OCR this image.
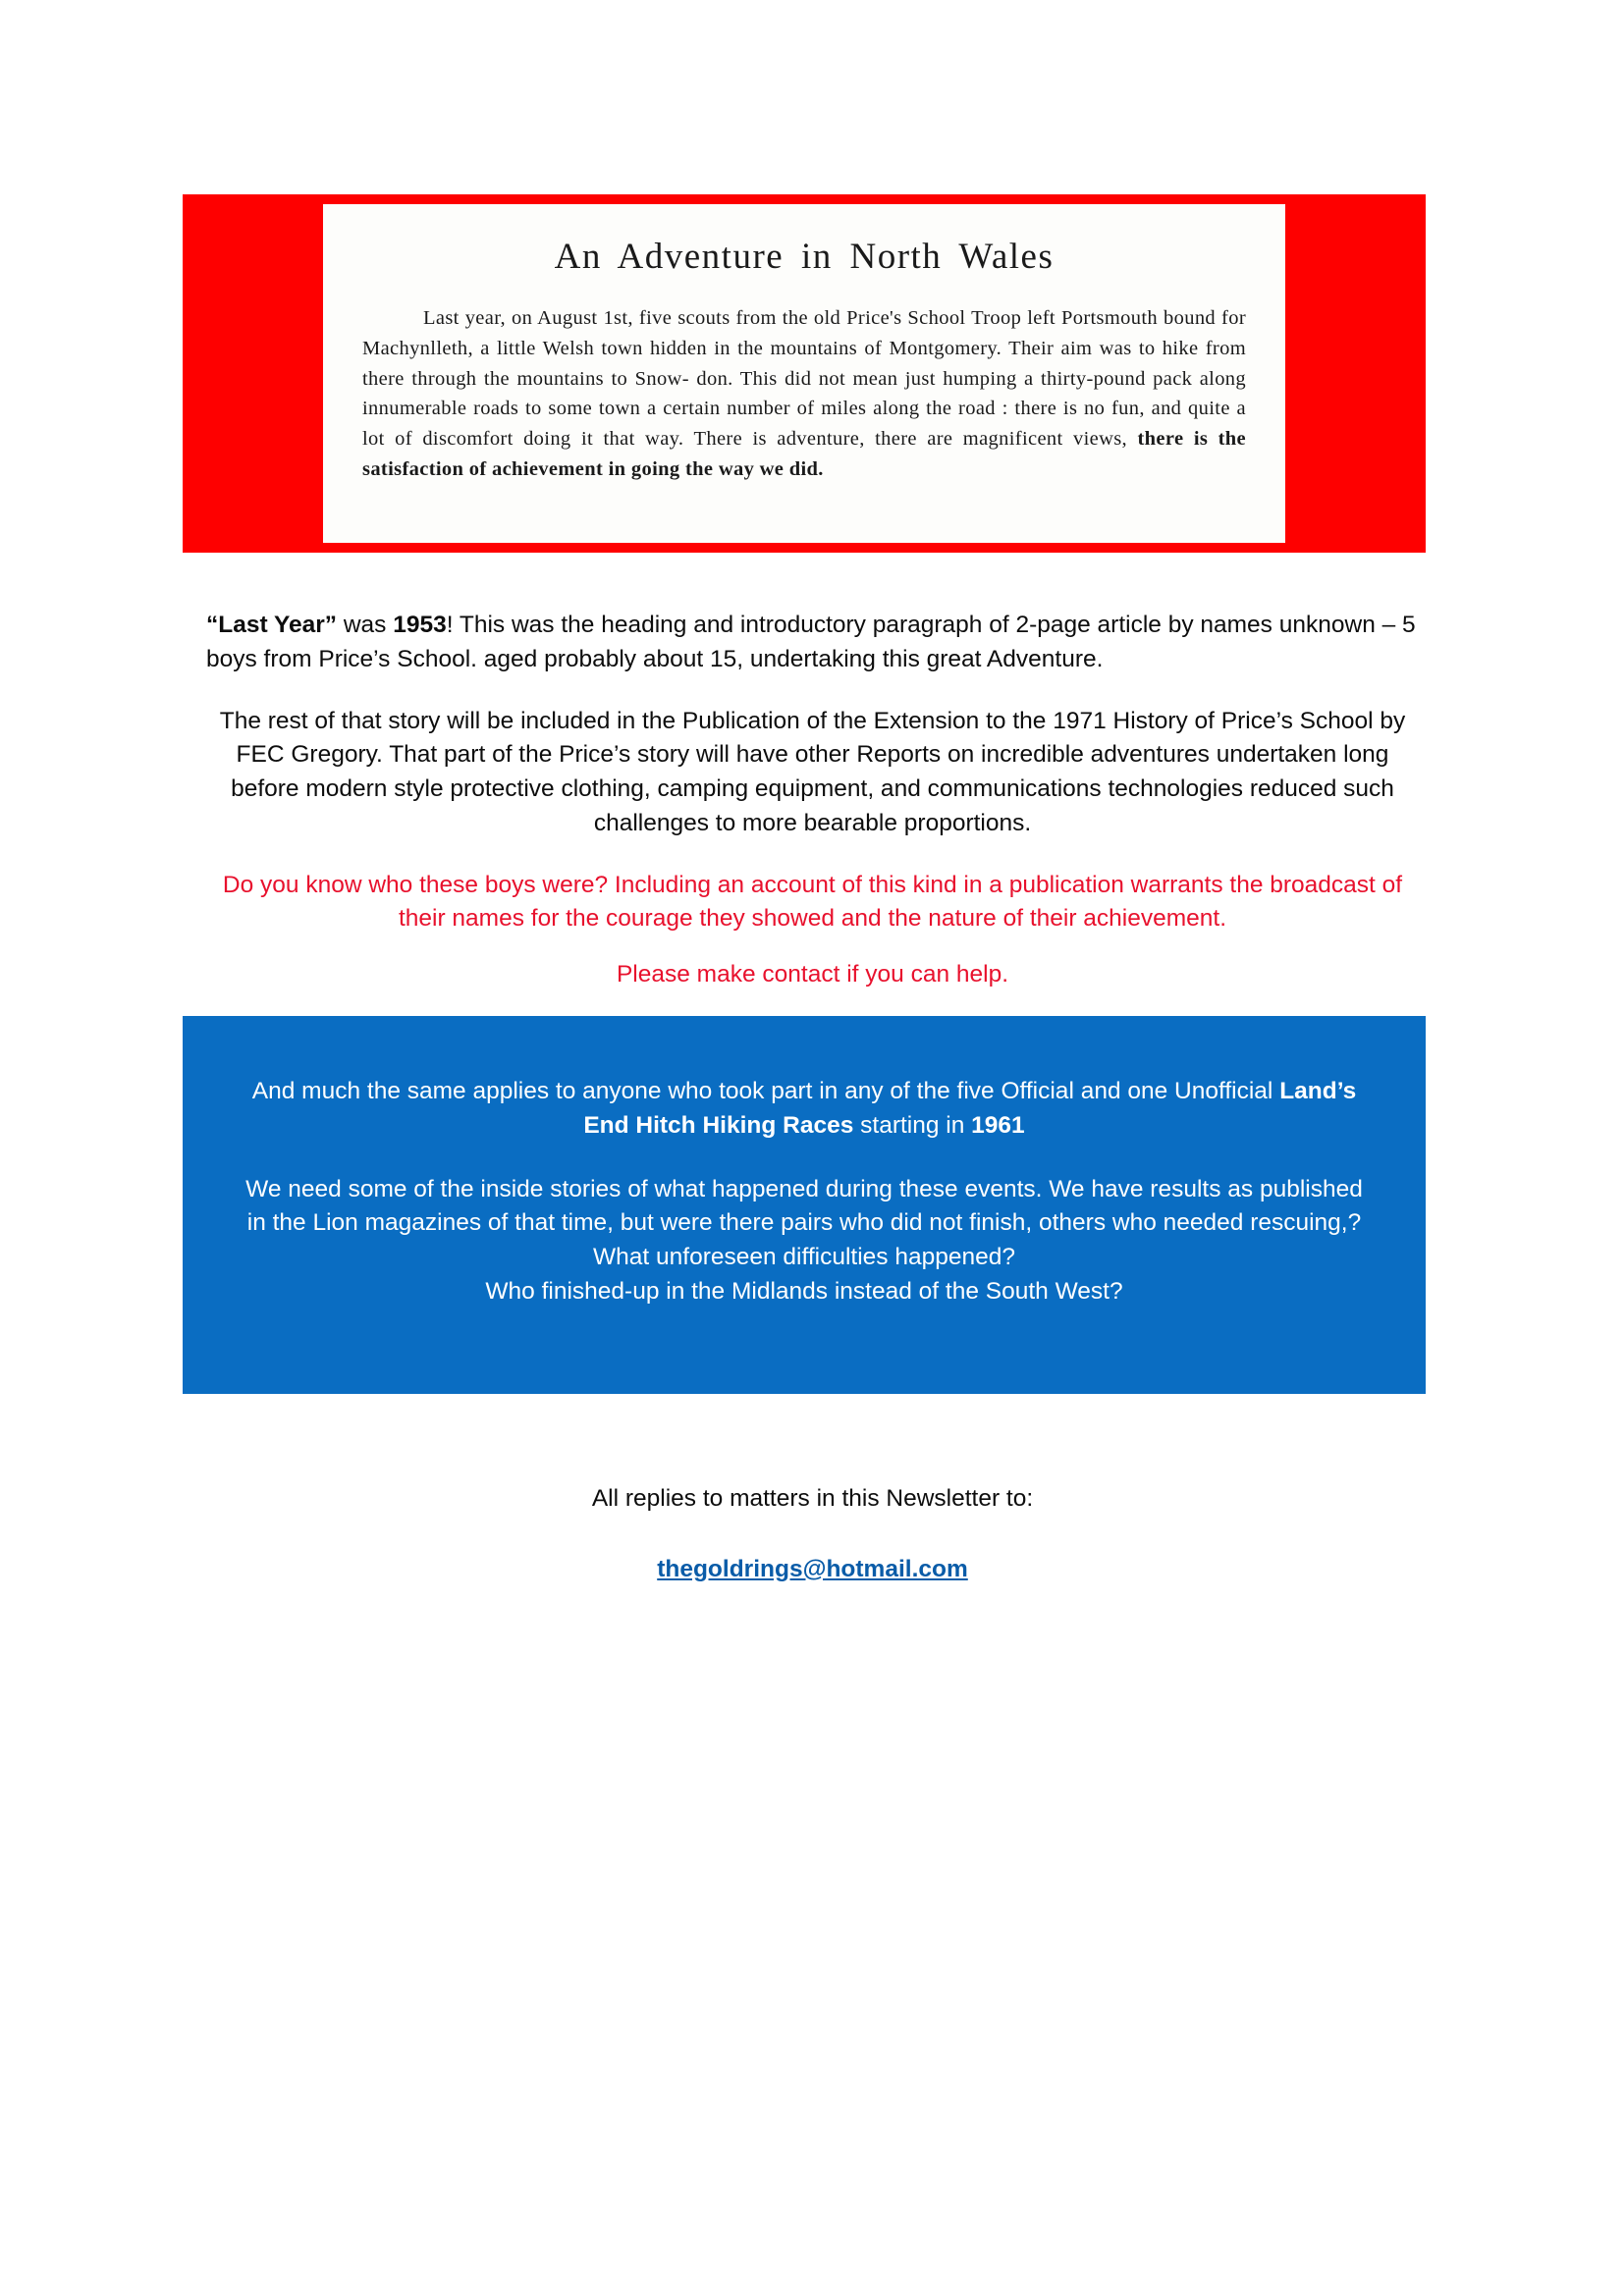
An Adventure in North Wales
Last year, on August 1st, five scouts from the old Price's School Troop left Portsmouth bound for Machynlleth, a little Welsh town hidden in the mountains of Montgomery. Their aim was to hike from there through the mountains to Snow- don. This did not mean just humping a thirty-pound pack along innumerable roads to some town a certain number of miles along the road : there is no fun, and quite a lot of discomfort doing it that way. There is adventure, there are magnificent views, there is the satisfaction of achievement in going the way we did.

“Last Year” was 1953! This was the heading and introductory paragraph of 2-page article by names unknown – 5 boys from Price’s School. aged probably about 15, undertaking this great Adventure.

The rest of that story will be included in the Publication of the Extension to the 1971 History of Price’s School by FEC Gregory. That part of the Price’s story will have other Reports on incredible adventures undertaken long before modern style protective clothing, camping equipment, and communications technologies reduced such challenges to more bearable proportions.

Do you know who these boys were? Including an account of this kind in a publication warrants the broadcast of their names for the courage they showed and the nature of their achievement.

Please make contact if you can help.

And much the same applies to anyone who took part in any of the five Official and one Unofficial Land’s End Hitch Hiking Races starting in 1961

We need some of the inside stories of what happened during these events. We have results as published in the Lion magazines of that time, but were there pairs who did not finish, others who needed rescuing,? What unforeseen difficulties happened?
Who finished-up in the Midlands instead of the South West?

All replies to matters in this Newsletter to:

thegoldrings@hotmail.com
